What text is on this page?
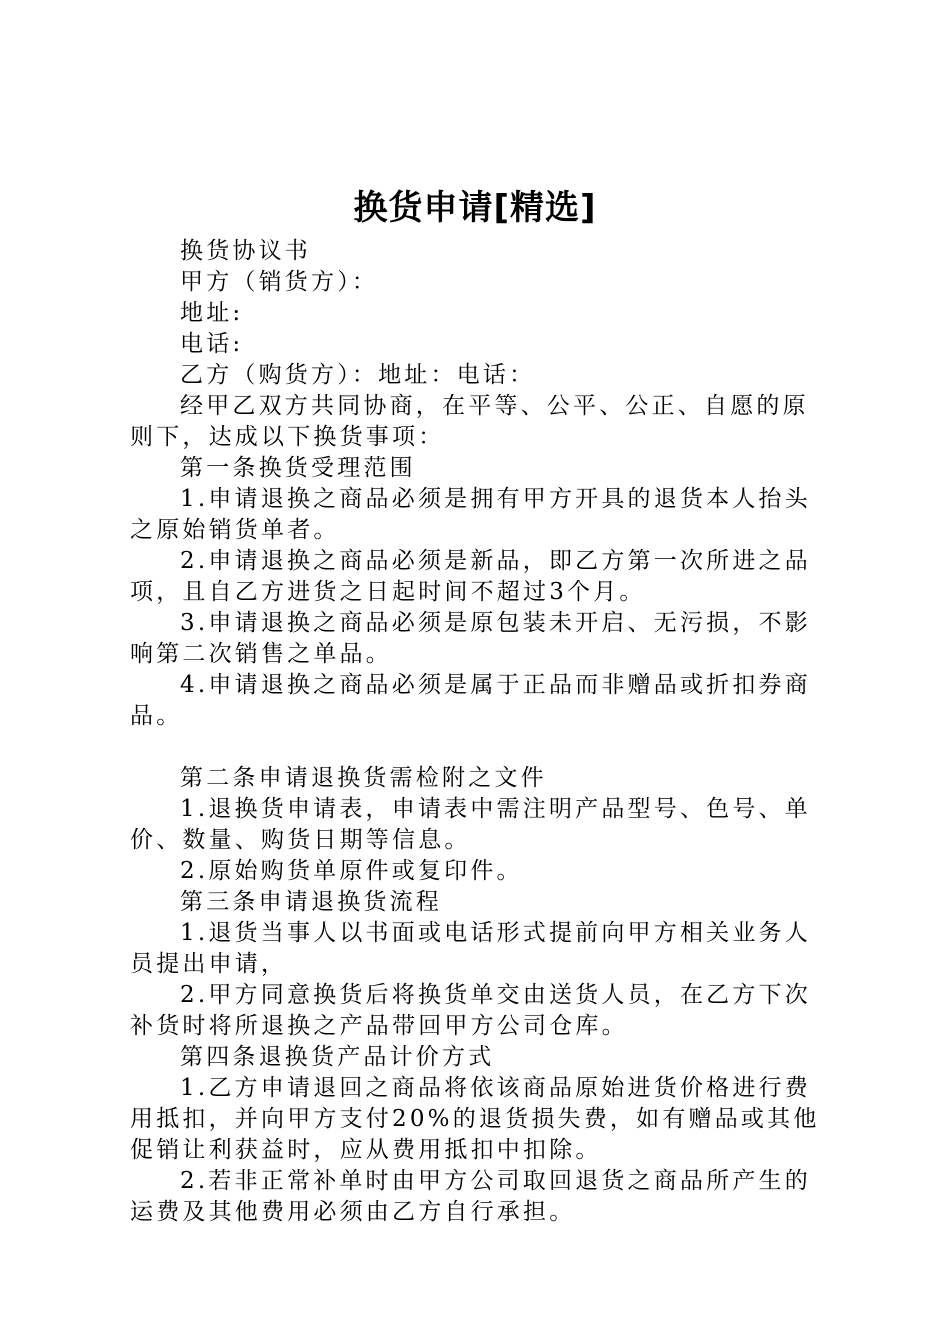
换货申请[精选]

换货协议书

甲方（销货方）：

地址:

电话:

乙方（购货方）：地址：电话：

经甲乙双方共同协商，在平等、公平、公正、自愿的原则下，达成以下换货事项：

第一条换货受理范围

1.申请退换之商品必须是拥有甲方开具的退货本人抬头之原始销货单者。

2.申请退换之商品必须是新品，即乙方第一次所进之品项，且自乙方进货之日起时间不超过3个月。

3.申请退换之商品必须是原包装未开启、无污损，不影响第二次销售之单品。

4.申请退换之商品必须是属于正品而非赠品或折扣券商品。

第二条申请退换货需检附之文件

1.退换货申请表，申请表中需注明产品型号、色号、单价、数量、购货日期等信息。

2.原始购货单原件或复印件。

第三条申请退换货流程

1.退货当事人以书面或电话形式提前向甲方相关业务人员提出申请，

2.甲方同意换货后将换货单交由送货人员，在乙方下次补货时将所退换之产品带回甲方公司仓库。

第四条退换货产品计价方式

1.乙方申请退回之商品将依该商品原始进货价格进行费用抵扣，并向甲方支付20%的退货损失费，如有赠品或其他促销让利获益时，应从费用抵扣中扣除。

2.若非正常补单时由甲方公司取回退货之商品所产生的运费及其他费用必须由乙方自行承担。
